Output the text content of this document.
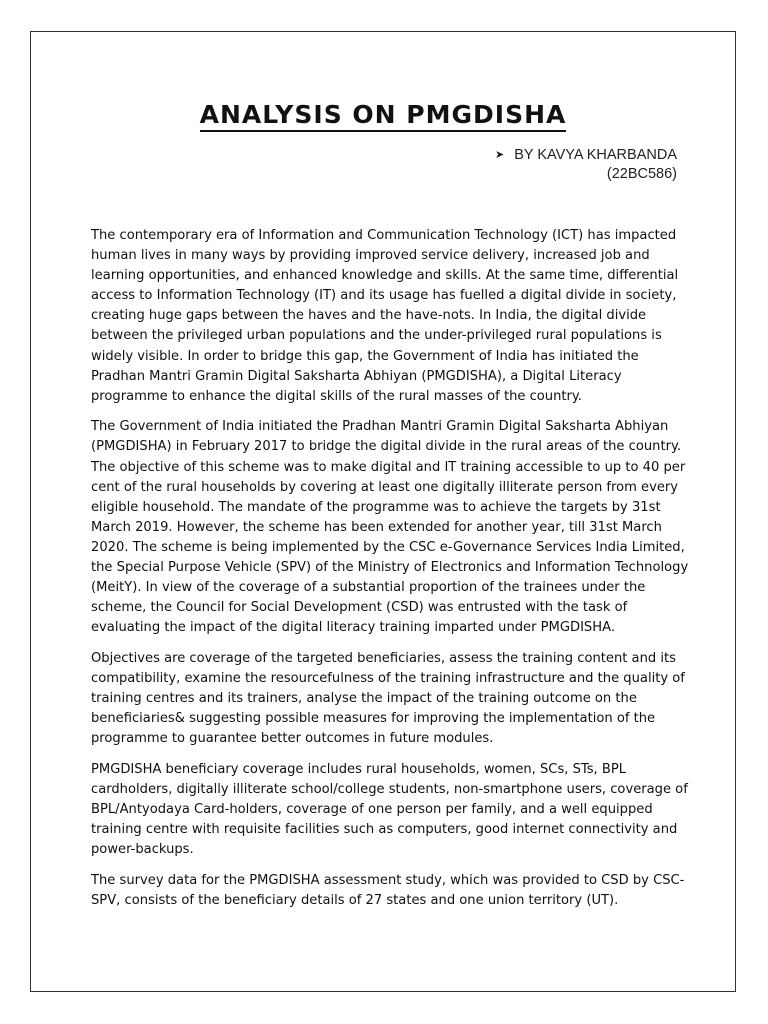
ANALYSIS ON PMGDISHA
➤ BY KAVYA KHARBANDA
(22BC586)

The contemporary era of Information and Communication Technology (ICT) has impacted human lives in many ways by providing improved service delivery, increased job and learning opportunities, and enhanced knowledge and skills. At the same time, differential access to Information Technology (IT) and its usage has fuelled a digital divide in society, creating huge gaps between the haves and the have-nots. In India, the digital divide between the privileged urban populations and the under-privileged rural populations is widely visible. In order to bridge this gap, the Government of India has initiated the Pradhan Mantri Gramin Digital Saksharta Abhiyan (PMGDISHA), a Digital Literacy programme to enhance the digital skills of the rural masses of the country.

The Government of India initiated the Pradhan Mantri Gramin Digital Saksharta Abhiyan (PMGDISHA) in February 2017 to bridge the digital divide in the rural areas of the country. The objective of this scheme was to make digital and IT training accessible to up to 40 per cent of the rural households by covering at least one digitally illiterate person from every eligible household. The mandate of the programme was to achieve the targets by 31st March 2019. However, the scheme has been extended for another year, till 31st March 2020. The scheme is being implemented by the CSC e-Governance Services India Limited, the Special Purpose Vehicle (SPV) of the Ministry of Electronics and Information Technology (MeitY). In view of the coverage of a substantial proportion of the trainees under the scheme, the Council for Social Development (CSD) was entrusted with the task of evaluating the impact of the digital literacy training imparted under PMGDISHA.

Objectives are coverage of the targeted beneficiaries, assess the training content and its compatibility, examine the resourcefulness of the training infrastructure and the quality of training centres and its trainers, analyse the impact of the training outcome on the beneficiaries& suggesting possible measures for improving the implementation of the programme to guarantee better outcomes in future modules.

PMGDISHA beneficiary coverage includes rural households, women, SCs, STs, BPL cardholders, digitally illiterate school/college students, non-smartphone users, coverage of BPL/Antyodaya Card-holders, coverage of one person per family, and a well equipped training centre with requisite facilities such as computers, good internet connectivity and power-backups.

The survey data for the PMGDISHA assessment study, which was provided to CSD by CSC-SPV, consists of the beneficiary details of 27 states and one union territory (UT).
